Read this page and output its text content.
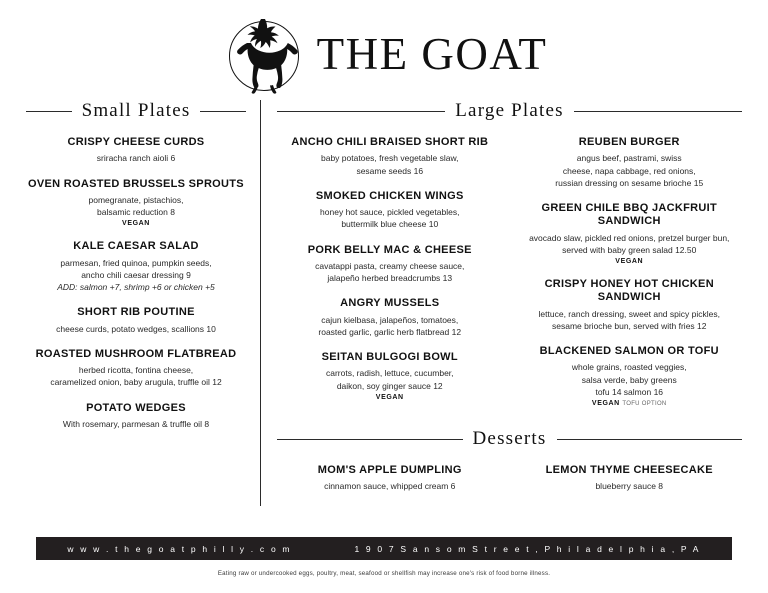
THE GOAT
Small Plates
CRISPY CHEESE CURDS
sriracha ranch aioli 6
OVEN ROASTED BRUSSELS SPROUTS
pomegranate, pistachios,
balsamic reduction 8
VEGAN
KALE CAESAR SALAD
parmesan, fried quinoa, pumpkin seeds,
ancho chili caesar dressing 9
ADD: salmon +7, shrimp +6 or chicken +5
SHORT RIB POUTINE
cheese curds, potato wedges, scallions 10
ROASTED MUSHROOM FLATBREAD
herbed ricotta, fontina cheese,
caramelized onion, baby arugula, truffle oil 12
POTATO WEDGES
With rosemary, parmesan & truffle oil 8
Large Plates
ANCHO CHILI BRAISED SHORT RIB
baby potatoes, fresh vegetable slaw,
sesame seeds 16
SMOKED CHICKEN WINGS
honey hot sauce, pickled vegetables,
buttermilk blue cheese 10
PORK BELLY MAC & CHEESE
cavatappi pasta, creamy cheese sauce,
jalapeño herbed breadcrumbs 13
ANGRY MUSSELS
cajun kielbasa, jalapeños, tomatoes,
roasted garlic, garlic herb flatbread 12
SEITAN BULGOGI BOWL
carrots, radish, lettuce, cucumber,
daikon, soy ginger sauce 12
VEGAN
REUBEN BURGER
angus beef, pastrami, swiss
cheese, napa cabbage, red onions,
russian dressing on sesame brioche 15
GREEN CHILE BBQ JACKFRUIT SANDWICH
avocado slaw, pickled red onions, pretzel burger bun,
served with baby green salad 12.50
VEGAN
CRISPY HONEY HOT CHICKEN SANDWICH
lettuce, ranch dressing, sweet and spicy pickles,
sesame brioche bun, served with fries 12
BLACKENED SALMON OR TOFU
whole grains, roasted veggies,
salsa verde, baby greens
tofu 14 salmon 16
VEGAN TOFU OPTION
Desserts
MOM'S APPLE DUMPLING
cinnamon sauce, whipped cream 6
LEMON THYME CHEESECAKE
blueberry sauce 8
w w w . t h e g o a t p h i l l y . c o m	1 9 0 7 S a n s o m S t r e e t , P h i l a d e l p h i a , P A
Eating raw or undercooked eggs, poultry, meat, seafood or shellfish may increase one's risk of food borne illness.
